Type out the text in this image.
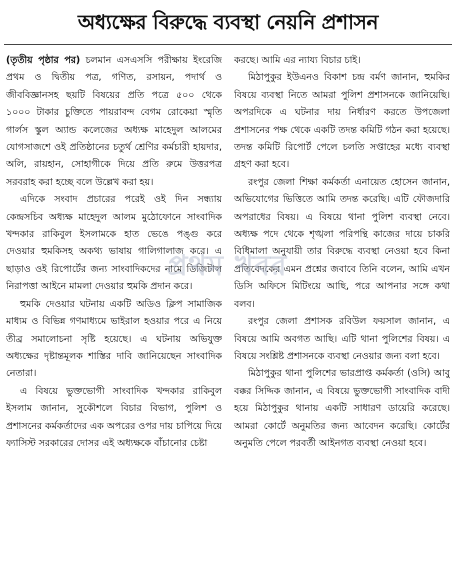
অধ্যক্ষের বিরুদ্ধে ব্যবস্থা নেয়নি প্রশাসন

(তৃতীয় পৃষ্ঠার পর) চলমান এসএসসি পরীক্ষায় ইংরেজি প্রথম ও দ্বিতীয় পত্র, গণিত, রসায়ন, পদার্থ ও জীববিজ্ঞানসহ ছয়টি বিষয়ের প্রতি পত্রে ৫০০ থেকে ১০০০ টাকার চুক্তিতে পায়রাবন্দ বেগম রোকেয়া স্মৃতি গার্লস স্কুল অ্যান্ড কলেজের অধ্যক্ষ মাহেদুল আলমের যোগসাজশে ওই প্রতিষ্ঠানের চতুর্থ শ্রেণির কর্মচারী হায়দার, অলি, রায়হান, সোহাগীকে দিয়ে প্রতি রুমে উত্তরপত্র সরবরাহ করা হচ্ছে বলে উল্লেখ করা হয়।

এদিকে সংবাদ প্রচারের পরেই ওই দিন সন্ধ্যায় কেন্দ্রসচিব অধ্যক্ষ মাহেদুল আলম মুঠোফোনে সাংবাদিক খন্দকার রাকিবুল ইসলামকে হাত ভেঙে পঙ্গু করে দেওয়ার হুমকিসহ অকথ্য ভাষায় গালিগালাজ করে। এ ছাড়াও ওই রিপোর্টের জন্য সাংবাদিকদের নামে ডিজিটাল নিরাপত্তা আইনে মামলা দেওয়ার হুমকি প্রদান করে।

হুমকি দেওয়ার ঘটনায় একটি অডিও ক্লিপ সামাজিক মাধ্যম ও বিভিন্ন গণমাধ্যমে ভাইরাল হওয়ার পরে এ নিয়ে তীব্র সমালোচনা সৃষ্টি হয়েছে। এ ঘটনায় অভিযুক্ত অধ্যক্ষের দৃষ্টান্তমূলক শাস্তির দাবি জানিয়েছেন সাংবাদিক নেতারা।

এ বিষয়ে ভুক্তভোগী সাংবাদিক খন্দকার রাকিবুল ইসলাম জানান, সুকৌশলে বিচার বিভাগ, পুলিশ ও প্রশাসনের কর্মকর্তাদের এক অপরের ওপর দায় চাপিয়ে দিয়ে ফ্যাসিস্ট সরকারের দোসর এই অধ্যক্ষকে বাঁচানোর চেষ্টা

করছে। আমি এর ন্যায্য বিচার চাই।

মিঠাপুকুর ইউএনও বিকাশ চন্দ্র বর্মণ জানান, হুমকির বিষয়ে ব্যবস্থা নিতে আমরা পুলিশ প্রশাসনকে জানিয়েছি। অপরদিকে এ ঘটনার দায় নির্ধারণ করতে উপজেলা প্রশাসনের পক্ষ থেকে একটি তদন্ত কমিটি গঠন করা হয়েছে। তদন্ত কমিটি রিপোর্ট পেলে চলতি সপ্তাহের মধ্যে ব্যবস্থা গ্রহণ করা হবে।

রংপুর জেলা শিক্ষা কর্মকর্তা এনায়েত হোসেন জানান, অভিযোগের ভিত্তিতে আমি তদন্ত করেছি। এটি ফৌজদারি অপরাধের বিষয়। এ বিষয়ে থানা পুলিশ ব্যবস্থা নেবে। অধ্যক্ষ পদে থেকে শৃঙ্খলা পরিপন্থি কাজের দায়ে চাকরি বিধিমালা অনুযায়ী তার বিরুদ্ধে ব্যবস্থা নেওয়া হবে কিনা প্রতিবেদকের এমন প্রশ্নের জবাবে তিনি বলেন, আমি এখন ডিসি অফিসে মিটিংয়ে আছি, পরে আপনার সঙ্গে কথা বলব।

রংপুর জেলা প্রশাসক রবিউল ফয়সাল জানান, এ বিষয়ে আমি অবগত আছি। এটি থানা পুলিশের বিষয়। এ বিষয়ে সংশ্লিষ্ট প্রশাসনকে ব্যবস্থা নেওয়ার জন্য বলা হবে।

মিঠাপুকুর থানা পুলিশের ভারপ্রাপ্ত কর্মকর্তা (ওসি) আবু বক্কর সিদ্দিক জানান, এ বিষয়ে ভুক্তভোগী সাংবাদিক বাদী হয়ে মিঠাপুকুর থানায় একটি সাধারণ ডায়েরি করেছে। আমরা কোর্টে অনুমতির জন্য আবেদন করেছি। কোর্টের অনুমতি পেলে পরবর্তী আইনগত ব্যবস্থা নেওয়া হবে।

প্রথম খবর
